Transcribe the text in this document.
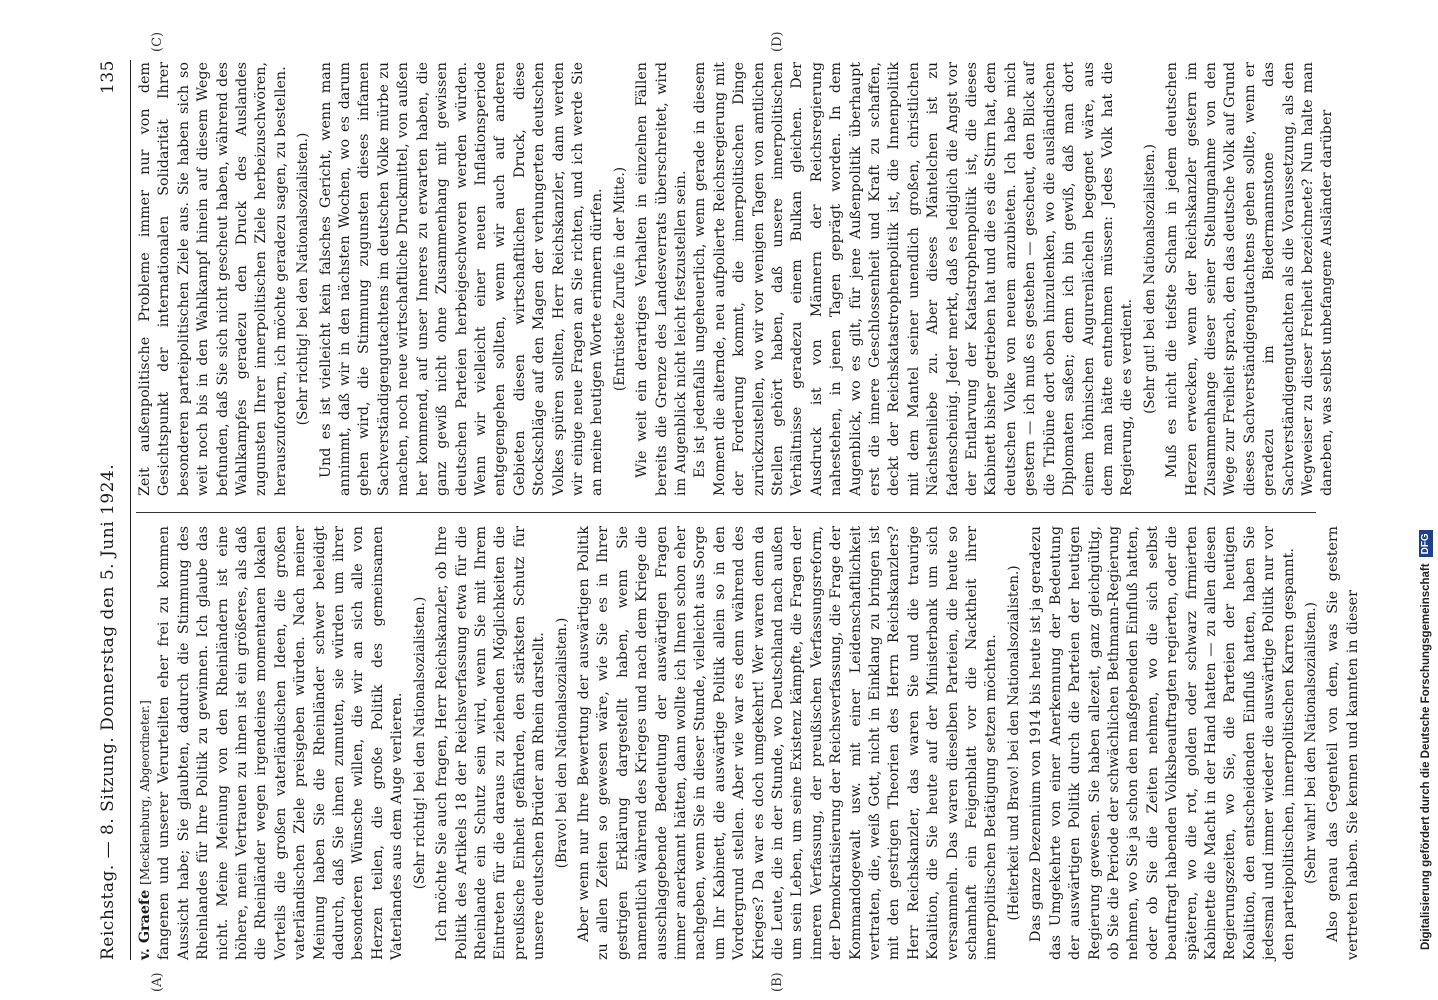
Reichstag. — 8. Sitzung. Donnerstag den 5. Juni 1924.
135
(A)	(B)
(C)	(D)

v. Graefe [Mecklenburg, Abgeordneter.] fangenen und unserer Verurteilten eher frei zu kommen Aussicht habe; Sie glaubten, dadurch die Stimmung des Rheinlandes für Ihre Politik zu gewinnen. Ich glaube das nicht. Meine Meinung von den Rheinländern ist eine höhere, mein Vertrauen zu ihnen ist ein größeres, als daß die Rheinländer wegen irgendeines momentanen lokalen Vorteils die großen vaterländischen Ideen, die großen vaterländischen Ziele preisgeben würden. Nach meiner Meinung haben Sie die Rheinländer schwer beleidigt dadurch, daß Sie ihnen zumuten, sie würden um ihrer besonderen Wünsche willen, die wir an sich alle von Herzen teilen, die große Politik des gemeinsamen Vaterlandes aus dem Auge verlieren. (Sehr richtig! bei den Nationalsozialisten.) Ich möchte Sie auch fragen, Herr Reichskanzler, ob Ihre Politik des Artikels 18 der Reichsverfassung etwa für die Rheinlande ein Schutz sein wird, wenn Sie mit Ihrem Eintreten für die daraus zu ziehenden Möglichkeiten die preußische Einheit gefährden, den stärksten Schutz für unsere deutschen Brüder am Rhein darstellt. (Bravo! bei den Nationalsozialisten.) Aber wenn nur Ihre Bewertung der auswärtigen Politik zu allen Zeiten so gewesen wäre, wie Sie es in Ihrer gestrigen Erklärung dargestellt haben, wenn Sie namentlich während des Krieges und nach dem Kriege die ausschlaggebende Bedeutung der auswärtigen Fragen immer anerkannt hätten, dann wollte ich Ihnen schon eher nachgeben, wenn Sie in dieser Stunde, vielleicht aus Sorge um Ihr Kabinett, die auswärtige Politik allein so in den Vordergrund stellen. Aber wie war es denn während des Krieges? Da war es doch umgekehrt! Wer waren denn da die Leute, die in der Stunde, wo Deutschland nach außen um sein Leben, um seine Existenz kämpfte, die Fragen der inneren Verfassung, der preußischen Verfassungsreform, der Demokratisierung der Reichsverfassung, die Frage der Kommandogewalt usw. mit einer Leidenschaftlichkeit vertraten, die, weiß Gott, nicht in Einklang zu bringen ist mit den gestrigen Theorien des Herrn Reichskanzlers? Herr Reichskanzler, das waren Sie und die traurige Koalition, die Sie heute auf der Ministerbank um sich versammeln. Das waren dieselben Parteien, die heute so schamhaft ein Feigenblatt vor die Nacktheit ihrer innerpolitischen Betätigung setzen möchten. (Heiterkeit und Bravo! bei den Nationalsozialisten.) Das ganze Dezennium von 1914 bis heute ist ja geradezu das Umgekehrte von einer Anerkennung der Bedeutung der auswärtigen Politik durch die Parteien der heutigen Regierung gewesen. Sie haben allezeit, ganz gleichgültig, ob Sie die Periode der schwächlichen Bethmann-Regierung nehmen, wo Sie ja schon den maßgebenden Einfluß hatten, oder ob Sie die Zeiten nehmen, wo die sich selbst beauftragt habenden Volksbeauftragten regierten, oder die späteren, wo die rot, golden oder schwarz firmierten Kabinette die Macht in der Hand hatten — zu allen diesen Regierungszeiten, wo Sie, die Parteien der heutigen Koalition, den entscheidenden Einfluß hatten, haben Sie jedesmal und immer wieder die auswärtige Politik nur vor den parteipolitischen, innerpolitischen Karren gespannt. (Sehr wahr! bei den Nationalsozialisten.) Also genau das Gegenteil von dem, was Sie gestern vertreten haben. Sie kennen und kannten in dieser

Zeit außenpolitische Probleme immer nur von dem Gesichtspunkt der internationalen Solidarität Ihrer besonderen parteipolitischen Ziele aus. Sie haben sich so weit noch bis in den Wahlkampf hinein auf diesem Wege befunden, daß Sie sich nicht gescheut haben, während des Wahlkampfes geradezu den Druck des Auslandes zugunsten Ihrer innerpolitischen Ziele herbeizuschwören, herauszufordern, ich möchte geradezu sagen, zu bestellen. (Sehr richtig! bei den Nationalsozialisten.) Und es ist vielleicht kein falsches Gericht, wenn man annimmt, daß wir in den nächsten Wochen, wo es darum gehen wird, die Stimmung zugunsten dieses infamen Sachverständigengutachtens im deutschen Volke mürbe zu machen, noch neue wirtschaftliche Druckmittel, von außen her kommend, auf unser Inneres zu erwarten haben, die ganz gewiß nicht ohne Zusammenhang mit gewissen deutschen Parteien herbeigeschworen werden würden. Wenn wir vielleicht einer neuen Inflationsperiode entgegengehen sollten, wenn wir auch auf anderen Gebieten diesen wirtschaftlichen Druck, diese Stockschläge auf den Magen der verhungerten deutschen Volkes spüren sollten, Herr Reichskanzler, dann werden wir einige neue Fragen an Sie richten, und ich werde Sie an meine heutigen Worte erinnern dürfen. (Entrüstete Zurufe in der Mitte.) Wie weit ein derartiges Verhalten in einzelnen Fällen bereits die Grenze des Landesverrats überschreitet, wird im Augenblick nicht leicht festzustellen sein. Es ist jedenfalls ungeheuerlich, wenn gerade in diesem Moment die alternde, neu aufpolierte Reichsregierung mit der Forderung kommt, die innerpolitischen Dinge zurückzustellen, wo wir vor wenigen Tagen von amtlichen Stellen gehört haben, daß unsere innerpolitischen Verhältnisse geradezu einem Bulkan gleichen. Der Ausdruck ist von Männern der Reichsregierung nahestehen, in jenen Tagen geprägt worden. In dem Augenblick, wo es gilt, für jene Außenpolitik überhaupt erst die innere Geschlossenheit und Kraft zu schaffen, deckt der Reichskatastrophenpolitik ist, die Innenpolitik mit dem Mantel seiner unendlich großen, christlichen Nächstenliebe zu. Aber dieses Mäntelchen ist zu fadenscheinig. Jeder merkt, daß es lediglich die Angst vor der Entlarvung der Katastrophenpolitik ist, die dieses Kabinett bisher getrieben hat und die es die Stirn hat, dem deutschen Volke von neuem anzubieten. Ich habe mich gestern — ich muß es gestehen — gescheut, den Blick auf die Tribüne dort oben hinzulenken, wo die ausländischen Diplomaten saßen; denn ich bin gewiß, daß man dort einem höhnischen Augurenlächeln begegnet wäre, aus dem man hätte entnehmen müssen: Jedes Volk hat die Regierung, die es verdient. (Sehr gut! bei den Nationalsozialisten.) Muß es nicht die tiefste Scham in jedem deutschen Herzen erwecken, wenn der Reichskanzler gestern im Zusammenhange dieser seiner Stellungnahme von den Wege zur Freiheit sprach, den das deutsche Volk auf Grund dieses Sachverständigengutachtens gehen sollte, wenn er geradezu im Biedermannstone das Sachverständigengutachten als die Voraussetzung, als den Wegweiser zu dieser Freiheit bezeichnete? Nun halte man daneben, was selbst unbefangene Ausländer darüber

Digitalisierung gefördert durch die Deutsche ForschungsgemeinschaftDFG
